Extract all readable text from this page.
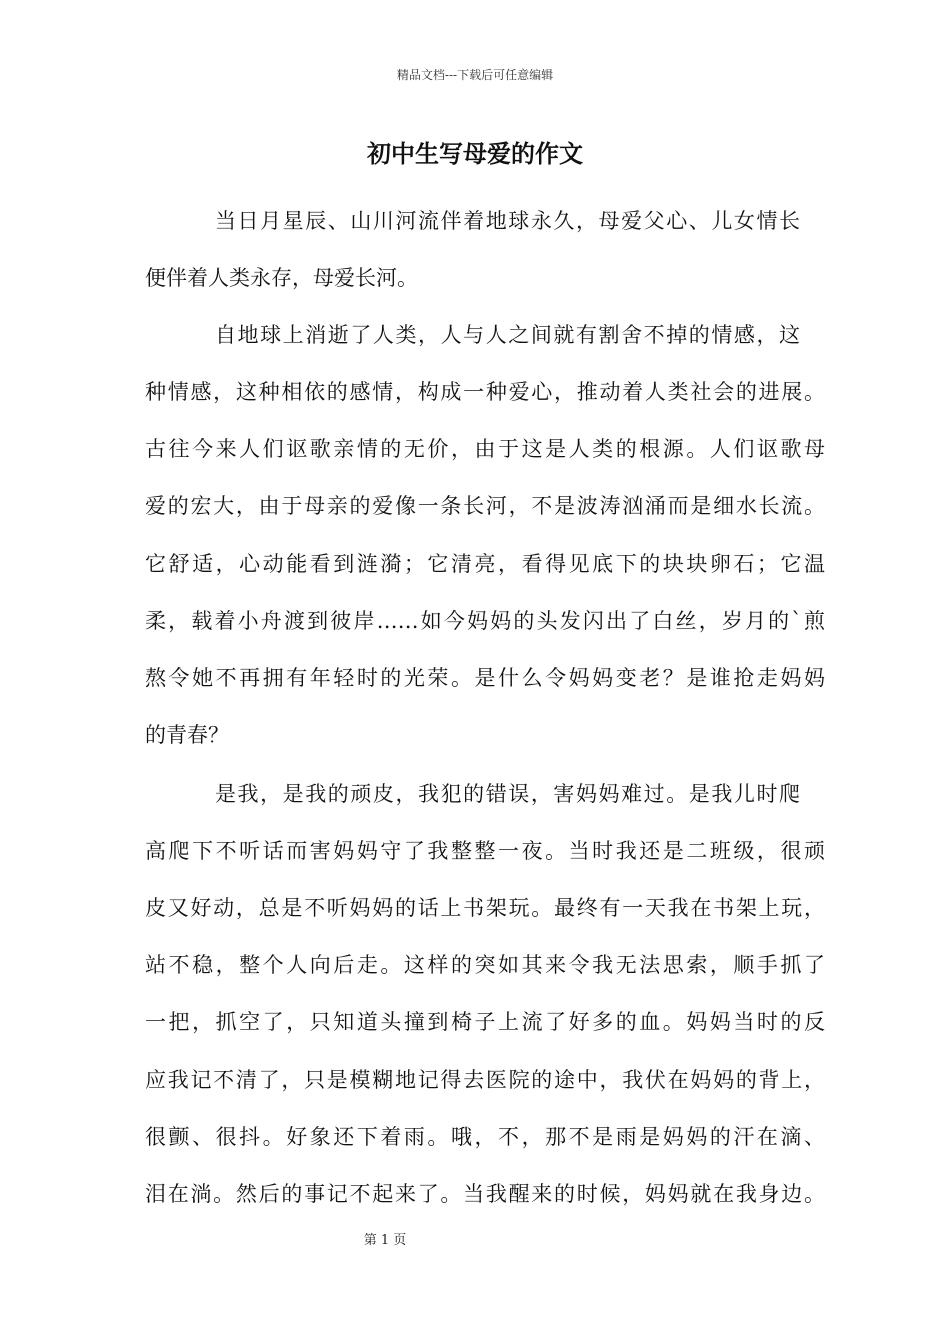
精品文档---下载后可任意编辑
初中生写母爱的作文
当日月星辰、山川河流伴着地球永久，母爱父心、儿女情长
便伴着人类永存，母爱长河。
自地球上消逝了人类，人与人之间就有割舍不掉的情感，这
种情感，这种相依的感情，构成一种爱心，推动着人类社会的进展。
古往今来人们讴歌亲情的无价，由于这是人类的根源。人们讴歌母
爱的宏大，由于母亲的爱像一条长河，不是波涛汹涌而是细水长流。
它舒适，心动能看到涟漪；它清亮，看得见底下的块块卵石；它温
柔，载着小舟渡到彼岸……如今妈妈的头发闪出了白丝，岁月的`煎
熬令她不再拥有年轻时的光荣。是什么令妈妈变老？是谁抢走妈妈
的青春？
是我，是我的顽皮，我犯的错误，害妈妈难过。是我儿时爬
高爬下不听话而害妈妈守了我整整一夜。当时我还是二班级，很顽
皮又好动，总是不听妈妈的话上书架玩。最终有一天我在书架上玩，
站不稳，整个人向后走。这样的突如其来令我无法思索，顺手抓了
一把，抓空了，只知道头撞到椅子上流了好多的血。妈妈当时的反
应我记不清了，只是模糊地记得去医院的途中，我伏在妈妈的背上，
很颤、很抖。好象还下着雨。哦，不，那不是雨是妈妈的汗在滴、
泪在淌。然后的事记不起来了。当我醒来的时候，妈妈就在我身边。
第 1 页
